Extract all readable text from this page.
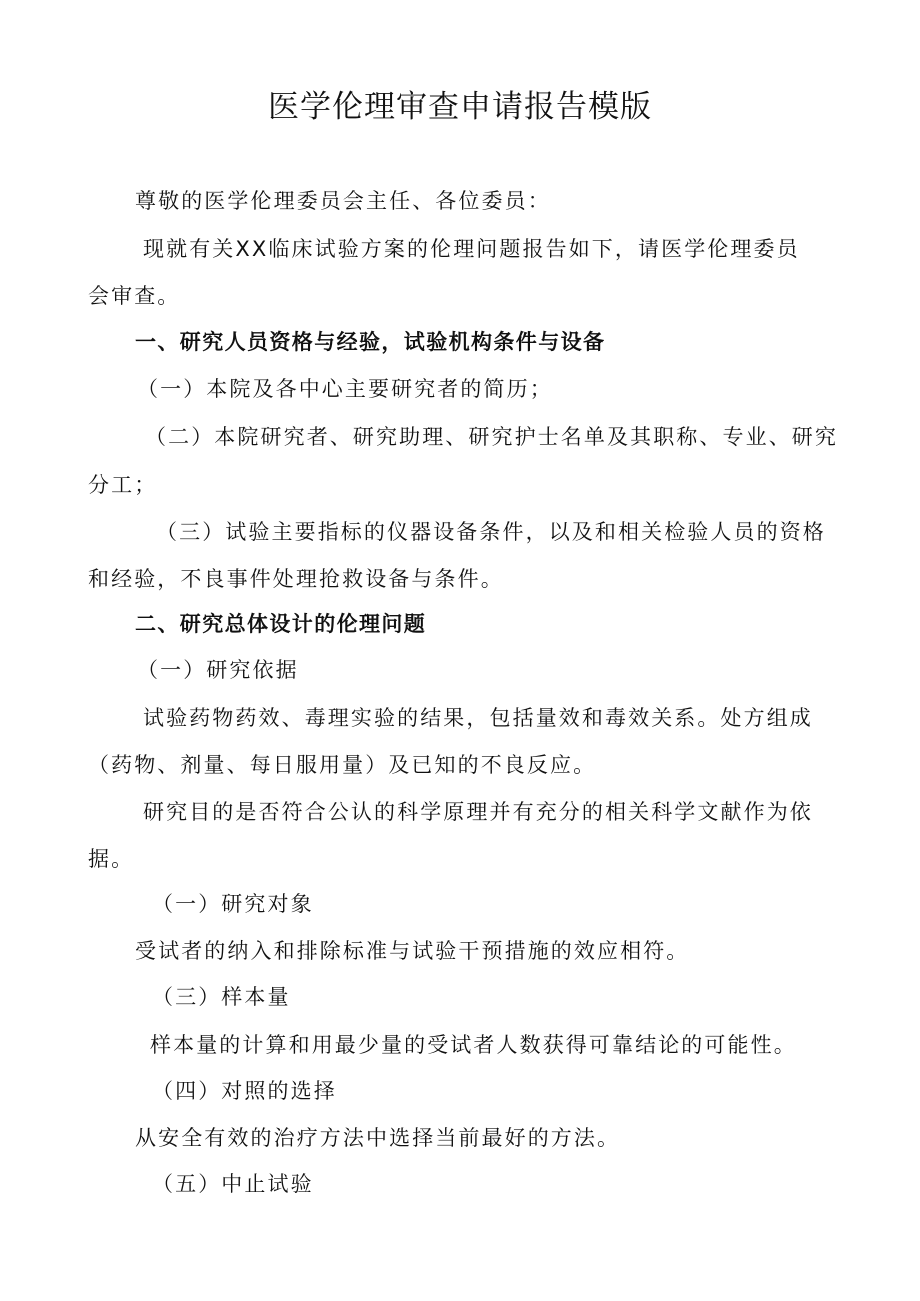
医学伦理审查申请报告模版

尊敬的医学伦理委员会主任、各位委员：

现就有关XX临床试验方案的伦理问题报告如下，请医学伦理委员

会审查。

一、研究人员资格与经验，试验机构条件与设备

（一）本院及各中心主要研究者的简历；

（二）本院研究者、研究助理、研究护士名单及其职称、专业、研究

分工；

（三）试验主要指标的仪器设备条件，以及和相关检验人员的资格

和经验，不良事件处理抢救设备与条件。

二、研究总体设计的伦理问题

（一）研究依据

试验药物药效、毒理实验的结果，包括量效和毒效关系。处方组成

（药物、剂量、每日服用量）及已知的不良反应。

研究目的是否符合公认的科学原理并有充分的相关科学文献作为依

据。

（一）研究对象

受试者的纳入和排除标准与试验干预措施的效应相符。

（三）样本量

样本量的计算和用最少量的受试者人数获得可靠结论的可能性。

（四）对照的选择

从安全有效的治疗方法中选择当前最好的方法。

（五）中止试验
